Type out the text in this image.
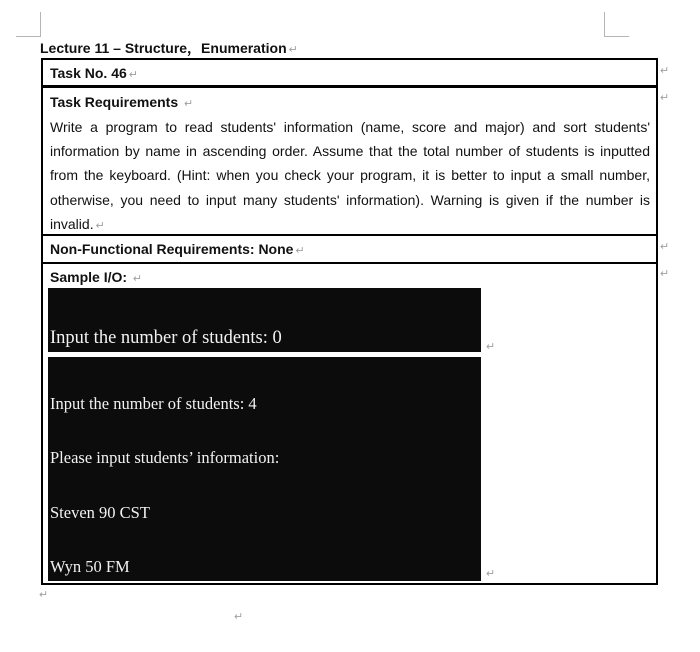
Lecture 11 – Structure，Enumeration ↵
Task No. 46 ↵	↵
Task Requirements ↵

Write a program to read students' information (name, score and major) and sort students' information by name in ascending order. Assume that the total number of students is inputted from the keyboard. (Hint: when you check your program, it is better to input a small number, otherwise, you need to input many students' information). Warning is given if the number is invalid. ↵

↵
Non-Functional Requirements: None ↵	↵
Sample I/O: ↵

Input the number of students: 0

	↵

Input the number of students: 4

Please input students’ information:

Steven 90 CST

Wyn 50 FM

	↵
↵
↵
↵
